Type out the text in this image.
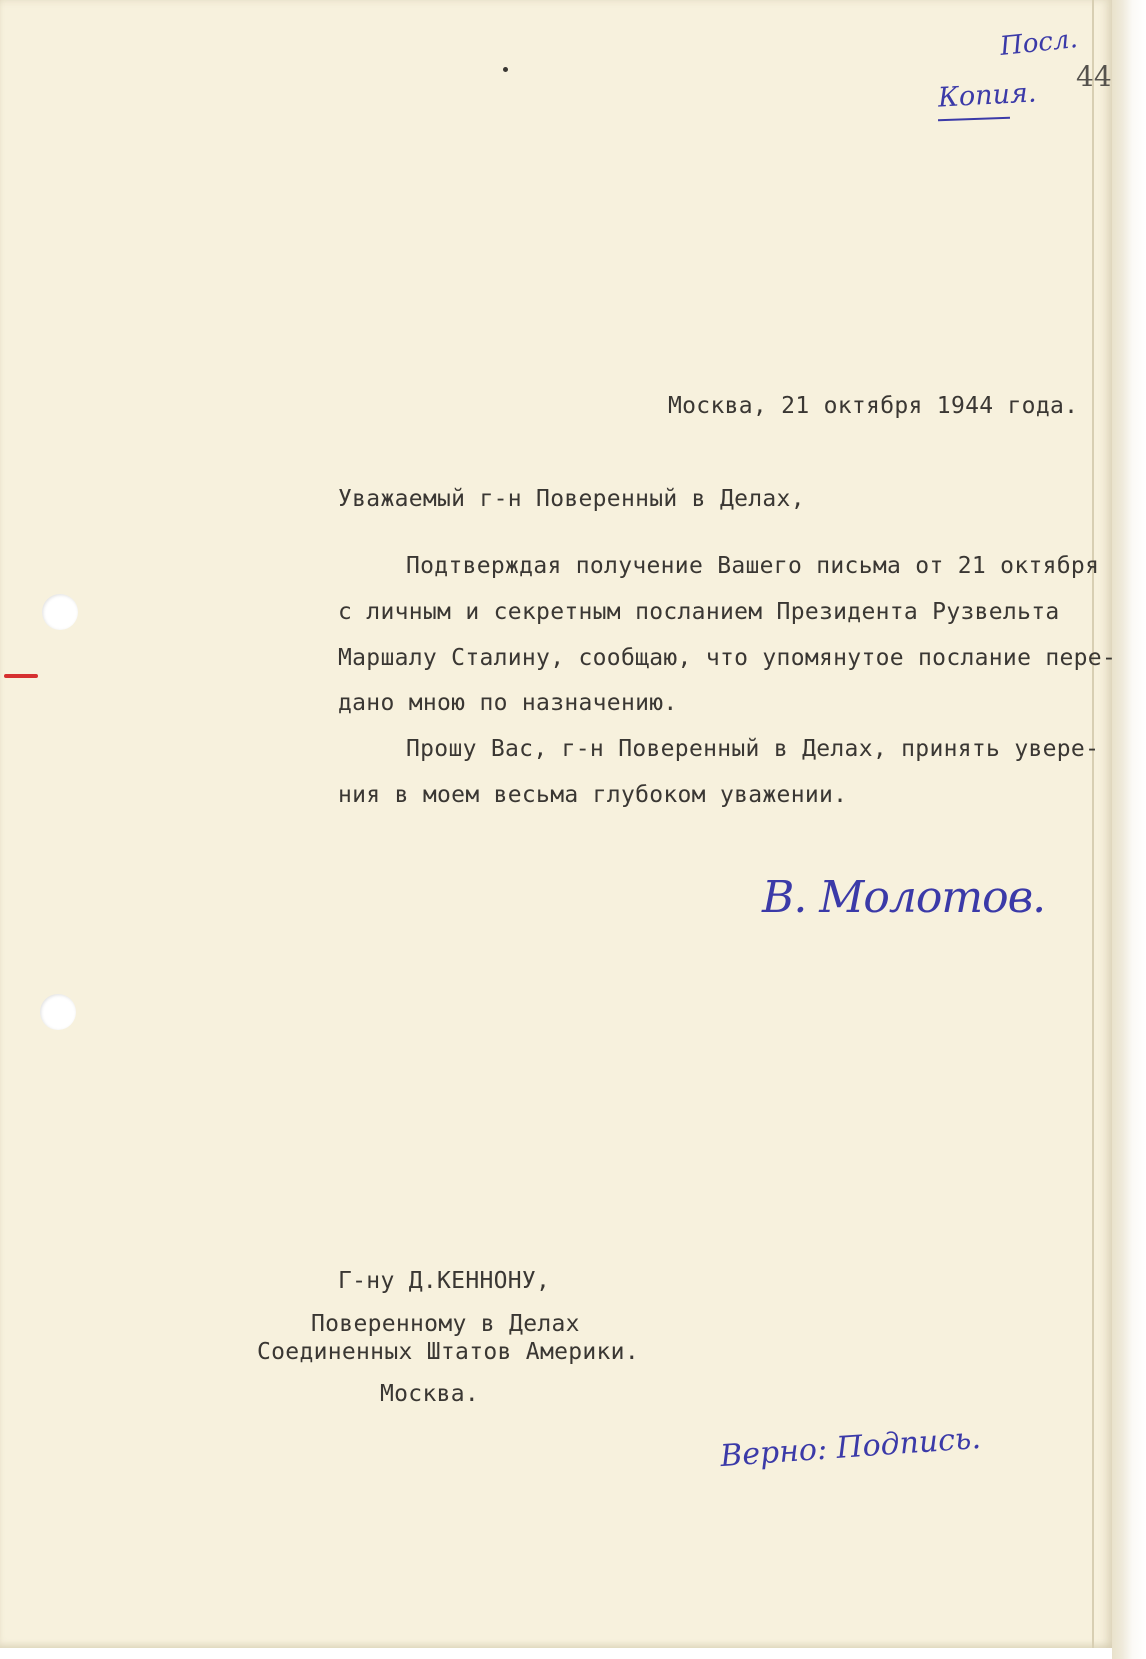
Посл.
Копия.
44
Москва, 21 октября 1944 года.
Уважаемый г-н Поверенный в Делах,
Подтверждая получение Вашего письма от 21 октября
с личным и секретным посланием Президента Рузвельта
Маршалу Сталину, сообщаю, что упомянутое послание пере-
дано мною по назначению.
Прошу Вас, г-н Поверенный в Делах, принять увере-
ния в моем весьма глубоком уважении.
В. Молотов.
Г-ну Д.КЕННОНУ,
Поверенному в Делах
Соединенных Штатов Америки.
Москва.
Верно: Подпись.
